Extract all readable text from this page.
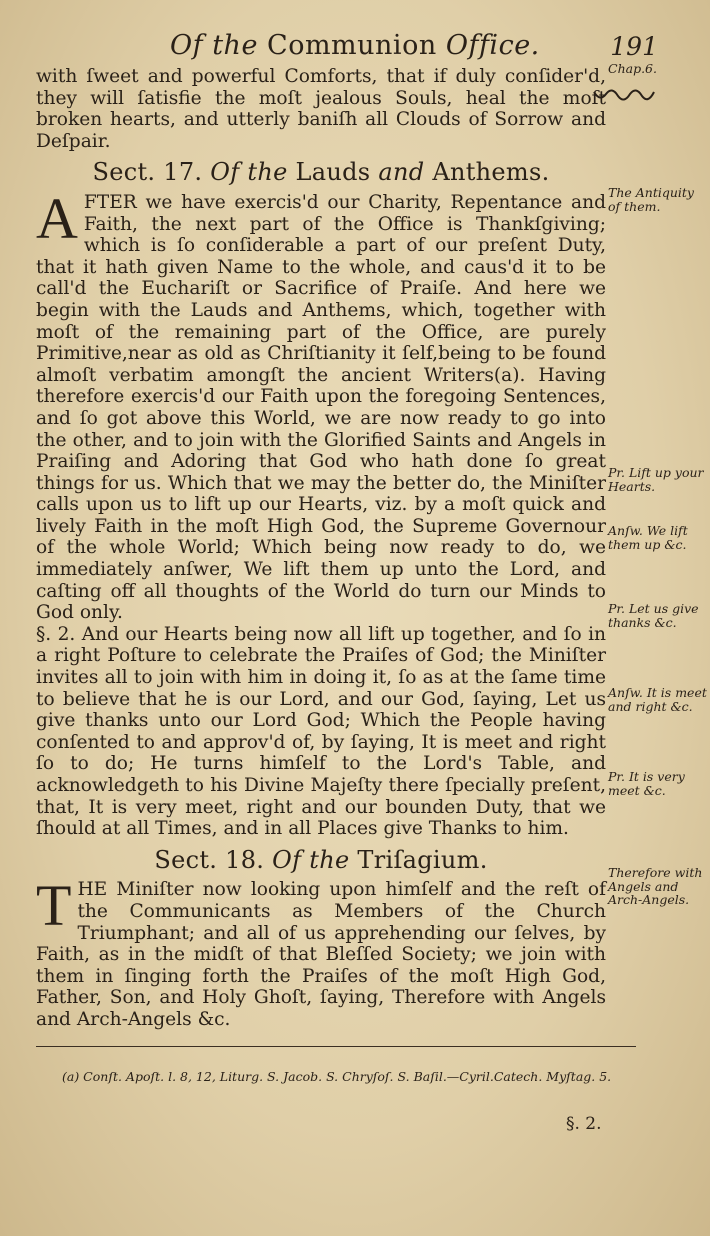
Of the Communion Office.	191
Chap.6.

with ſweet and powerful Comforts, that if duly conſider'd, they will ſatisfie the moſt jealous Souls, heal the moſt broken hearts, and utterly baniſh all Clouds of Sorrow and Deſpair.

Sect. 17. Of the Lauds and Anthems.

AFTER we have exercis'd our Charity, Repentance and Faith, the next part of the Office is Thankſgiving; which is ſo conſiderable a part of our preſent Duty, that it hath given Name to the whole, and caus'd it to be call'd the Euchariſt or Sacrifice of Praiſe. And here we begin with the Lauds and Anthems, which, together with moſt of the remaining part of the Office, are purely Primitive,near as old as Chriſtianity it ſelf,being to be found almoſt verbatim amongſt the ancient Writers(a). Having therefore exercis'd our Faith upon the foregoing Sentences, and ſo got above this World, we are now ready to go into the other, and to join with the Glorified Saints and Angels in Praiſing and Adoring that God who hath done ſo great things for us. Which that we may the better do, the Miniſter calls upon us to lift up our Hearts, viz. by a moſt quick and lively Faith in the moſt High God, the Supreme Governour of the whole World; Which being now ready to do, we immediately anſwer, We lift them up unto the Lord, and caſting off all thoughts of the World do turn our Minds to God only.

§. 2. And our Hearts being now all lift up together, and ſo in a right Poſture to celebrate the Praiſes of God; the Miniſter invites all to join with him in doing it, ſo as at the ſame time to believe that he is our Lord, and our God, ſaying, Let us give thanks unto our Lord God; Which the People having conſented to and approv'd of, by ſaying, It is meet and right ſo to do; He turns himſelf to the Lord's Table, and acknowledgeth to his Divine Majeſty there ſpecially preſent, that, It is very meet, right and our bounden Duty, that we ſhould at all Times, and in all Places give Thanks to him.

Sect. 18. Of the Triſagium.

THE Miniſter now looking upon himſelf and the reſt of the Communicants as Members of the Church Triumphant; and all of us apprehending our ſelves, by Faith, as in the midſt of that Bleſſed Society; we join with them in ſinging forth the Praiſes of the moſt High God, Father, Son, and Holy Ghoſt, ſaying, Therefore with Angels and Arch-Angels &c.

The Antiquity of them.
Pr. Lift up your Hearts.
Anſw. We lift them up &c.
Pr. Let us give thanks &c.
Anſw. It is meet and right &c.
Pr. It is very meet &c.
Therefore with Angels and Arch-Angels.
(a) Conſt. Apoſt. l. 8, 12, Liturg. S. Jacob. S. Chryſoſ. S. Baſil.—Cyril.Catech. Myſtag. 5.
§. 2.
